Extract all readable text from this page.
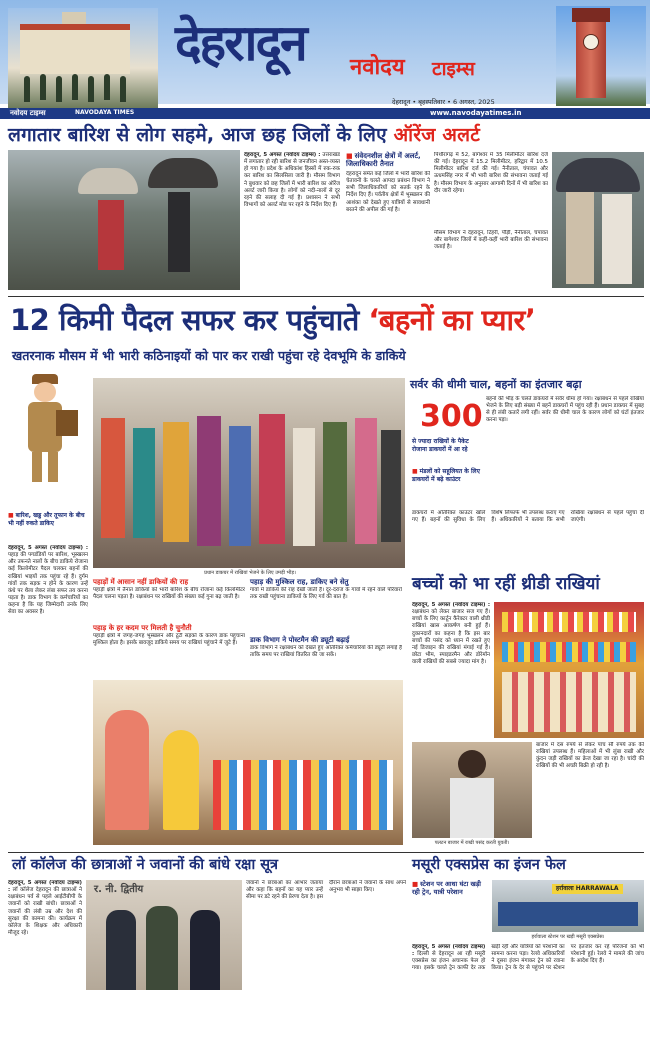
देहरादून	नवोदय टाइम्स
देहरादून • बृहस्पतिवार • 6 अगस्त, 2025
नवोदय टाइम्स	NAVODAYA TIMES	www.navodayatimes.in
लगातार बारिश से लोग सहमे, आज छह जिलों के लिए ऑरेंज अलर्ट
देहरादून, 5 अगस्त (नवोदय टाइम्स) : उत्तराखंड में लगातार हो रही बारिश से जनजीवन अस्त-व्यस्त हो गया है। प्रदेश के अधिकांश हिस्सों में रुक-रुक कर बारिश का सिलसिला जारी है। मौसम विभाग ने बुधवार को छह जिलों में भारी बारिश का ऑरेंज अलर्ट जारी किया है। लोगों को नदी-नालों से दूर रहने की सलाह दी गई है। प्रशासन ने सभी विभागों को अलर्ट मोड पर रहने के निर्देश दिए हैं।
■ संवेदनशील क्षेत्रों में अलर्ट, जिलाधिकारी तैनात
देहरादून समेत कई जिलों में भारी बारिश की चेतावनी के चलते आपदा प्रबंधन विभाग ने सभी जिलाधिकारियों को सतर्क रहने के निर्देश दिए हैं। पर्वतीय क्षेत्रों में भूस्खलन की आशंका को देखते हुए यात्रियों से सावधानी बरतने की अपील की गई है।
पिथौरागढ़ में 52, बागेश्वर में 35 मिलीमीटर बारिश दर्ज की गई। देहरादून में 15.2 मिलीमीटर, हरिद्वार में 10.5 मिलीमीटर बारिश दर्ज की गई। नैनीताल, चंपावत और ऊधमसिंह नगर में भी भारी बारिश की संभावना जताई गई है। मौसम विभाग के अनुसार आगामी दिनों में भी बारिश का दौर जारी रहेगा।
मौसम विभाग ने देहरादून, टिहरी, पौड़ी, नैनीताल, चंपावत और बागेश्वर जिलों में कहीं-कहीं भारी बारिश की संभावना जताई है।
12 किमी पैदल सफर कर पहुंचाते ‘बहनों का प्यार’
खतरनाक मौसम में भी भारी कठिनाइयों को पार कर राखी पहुंचा रहे देवभूमि के डाकिये
■ बारिश, खड्ड और तूफान के बीच भी नहीं रुकते डाकिए
देहरादून, 5 अगस्त (नवोदय टाइम्स) : पहाड़ की पगडंडियों पर बारिश, भूस्खलन और उफनते नालों के बीच डाकिये रोजाना कई किलोमीटर पैदल चलकर बहनों की राखियां भाइयों तक पहुंचा रहे हैं। दुर्गम गांवों तक सड़क न होने के कारण उन्हें कंधे पर थैला लेकर लंबा सफर तय करना पड़ता है। डाक विभाग के कर्मचारियों का कहना है कि यह जिम्मेदारी उनके लिए सेवा का अवसर है।
प्रधान डाकघर में राखियां भेजने के लिए उमड़ी भीड़।
सर्वर की धीमी चाल, बहनों का इंतजार बढ़ा
300
से ज्यादा राखियों के पैकेट रोजाना डाकघरों में आ रहे
■ मंडलों को सहूलियत के लिए डाकघरों में बढ़े काउंटर
बहनों की भीड़ के चलते डाकघरों में सर्वर धीमा हो गया। रक्षाबंधन से पहले राखियां भेजने के लिए बड़ी संख्या में बहनें डाकघरों में पहुंच रही हैं। प्रधान डाकघर में सुबह से ही लंबी कतारें लगी रहीं। सर्वर की धीमी चाल के कारण लोगों को घंटों इंतजार करना पड़ा।
डाकघरों में अतिरिक्त काउंटर खोले गए हैं। बहनों की सुविधा के लिए विशेष लिफाफे भी उपलब्ध कराए गए हैं। अधिकारियों ने बताया कि सभी राखियां रक्षाबंधन से पहले पहुंचा दी जाएंगी।
पहाड़ों में आसान नहीं डाकियों की राह
पहाड़ी क्षेत्रों में तैनात डाकियों को भारी बारिश के बीच रोजाना कई किलोमीटर पैदल चलना पड़ता है। रक्षाबंधन पर राखियों की संख्या कई गुना बढ़ जाती है।
पहाड़ के हर कदम पर मिलती है चुनौती
पहाड़ी क्षेत्रों में जगह-जगह भूस्खलन और टूटी सड़कों के कारण डाक पहुंचाना मुश्किल होता है। इसके बावजूद डाकिये समय पर राखियां पहुंचाने में जुटे हैं।
पहाड़ की मुश्किल राह, डाकिए बने सेतु
गांवों में डाकिये की राह देखी जाती है। दूर-दराज के गांवों में रहने वाले परिवारों तक राखी पहुंचाना डाकियों के लिए गर्व की बात है।
डाक विभाग ने पोस्टमैन की ड्यूटी बढ़ाई
डाक विभाग ने रक्षाबंधन को देखते हुए अतिरिक्त कर्मचारियों की ड्यूटी लगाई है ताकि समय पर राखियां वितरित की जा सकें।
बच्चों को भा रहीं थ्रीडी राखियां
देहरादून, 5 अगस्त (नवोदय टाइम्स) : रक्षाबंधन को लेकर बाजार सज गए हैं। बच्चों के लिए कार्टून कैरेक्टर वाली थ्रीडी राखियां खास आकर्षण बनी हुई हैं। दुकानदारों का कहना है कि इस बार बच्चों की पसंद को ध्यान में रखते हुए नई डिजाइन की राखियां मंगाई गई हैं। छोटा भीम, स्पाइडरमैन और डोरेमॉन वाली राखियों की सबसे ज्यादा मांग है।
पलटन बाजार में राखी पसंद करती युवती।
बाजार में दस रुपये से लेकर पांच सौ रुपये तक की राखियां उपलब्ध हैं। महिलाओं में भी लुंबा राखी और कुंदन जड़ी राखियों का क्रेज देखा जा रहा है। चांदी की राखियों की भी अच्छी बिक्री हो रही है।
लॉ कॉलेज की छात्राओं ने जवानों की बांधे रक्षा सूत्र
देहरादून, 5 अगस्त (नवोदय टाइम्स) : लॉ कॉलेज देहरादून की छात्राओं ने रक्षाबंधन पर्व से पहले आईटीबीपी के जवानों को राखी बांधी। छात्राओं ने जवानों की लंबी उम्र और देश की सुरक्षा की कामना की। कार्यक्रम में कॉलेज के शिक्षक और अधिकारी मौजूद रहे।
र. नी. द्वितीय
जवानों ने छात्राओं का आभार जताया और कहा कि बहनों का यह प्यार उन्हें सीमा पर डटे रहने की प्रेरणा देता है। इस दौरान छात्राओं ने जवानों के साथ अपने अनुभव भी साझा किए।
मसूरी एक्सप्रेस का इंजन फेल
■ स्टेशन पर आधा घंटा खड़ी रही ट्रेन, यात्री परेशान
देहरादून, 5 अगस्त (नवोदय टाइम्स) : दिल्ली से देहरादून आ रही मसूरी एक्सप्रेस का इंजन अचानक फेल हो गया। इसके चलते ट्रेन काफी देर तक खड़ी रही और यात्रियों को परेशानी का सामना करना पड़ा। रेलवे अधिकारियों ने दूसरा इंजन मंगाकर ट्रेन को रवाना किया। ट्रेन के देर से पहुंचने पर स्टेशन पर इंतजार कर रहे परिजनों को भी परेशानी हुई। रेलवे ने मामले की जांच के आदेश दिए हैं।
हर्रावाला HARRAWALA
हर्रावाला स्टेशन पर खड़ी मसूरी एक्सप्रेस।
